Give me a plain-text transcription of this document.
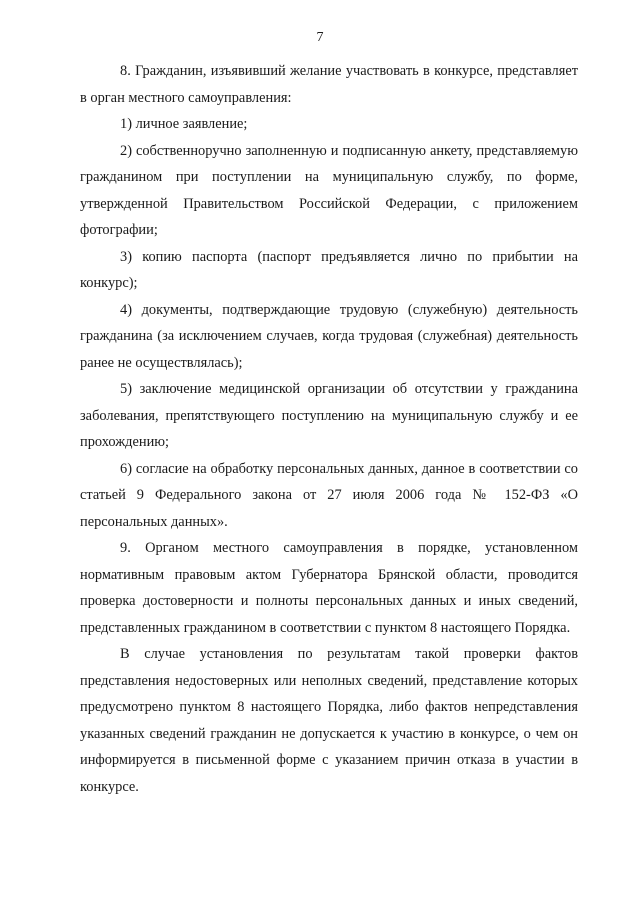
7

8. Гражданин, изъявивший желание участвовать в конкурсе, представляет в орган местного самоуправления:

1) личное заявление;

2) собственноручно заполненную и подписанную анкету, представляемую гражданином при поступлении на муниципальную службу, по форме, утвержденной Правительством Российской Федерации, с приложением фотографии;

3) копию паспорта (паспорт предъявляется лично по прибытии на конкурс);

4) документы, подтверждающие трудовую (служебную) деятельность гражданина (за исключением случаев, когда трудовая (служебная) деятельность ранее не осуществлялась);

5) заключение медицинской организации об отсутствии у гражданина заболевания, препятствующего поступлению на муниципальную службу и ее прохождению;

6) согласие на обработку персональных данных, данное в соответствии со статьей 9 Федерального закона от 27 июля 2006 года № 152-ФЗ «О персональных данных».

9. Органом местного самоуправления в порядке, установленном нормативным правовым актом Губернатора Брянской области, проводится проверка достоверности и полноты персональных данных и иных сведений, представленных гражданином в соответствии с пунктом 8 настоящего Порядка.

В случае установления по результатам такой проверки фактов представления недостоверных или неполных сведений, представление которых предусмотрено пунктом 8 настоящего Порядка, либо фактов непредставления указанных сведений гражданин не допускается к участию в конкурсе, о чем он информируется в письменной форме с указанием причин отказа в участии в конкурсе.
